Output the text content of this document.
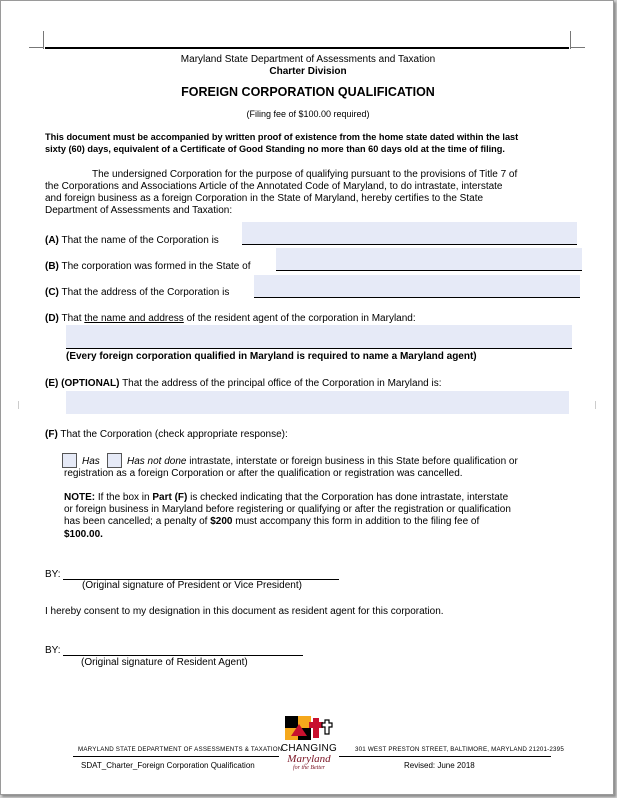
Maryland State Department of Assessments and Taxation
Charter Division
FOREIGN CORPORATION QUALIFICATION
(Filing fee of $100.00 required)
This document must be accompanied by written proof of existence from the home state dated within the last
sixty (60) days, equivalent of a Certificate of Good Standing no more than 60 days old at the time of filing.
The undersigned Corporation for the purpose of qualifying pursuant to the provisions of Title 7 of
the Corporations and Associations Article of the Annotated Code of Maryland, to do intrastate, interstate
and foreign business as a foreign Corporation in the State of Maryland, hereby certifies to the State
Department of Assessments and Taxation:
(A) That the name of the Corporation is
(B) The corporation was formed in the State of
(C) That the address of the Corporation is
(D) That the name and address of the resident agent of the corporation in Maryland:
(Every foreign corporation qualified in Maryland is required to name a Maryland agent)
(E) (OPTIONAL) That the address of the principal office of the Corporation in Maryland is:
(F) That the Corporation (check appropriate response):
Has	Has not done intrastate, interstate or foreign business in this State before qualification or
registration as a foreign Corporation or after the qualification or registration was cancelled.
NOTE: If the box in Part (F) is checked indicating that the Corporation has done intrastate, interstate
or foreign business in Maryland before registering or qualifying or after the registration or qualification
has been cancelled; a penalty of $200 must accompany this form in addition to the filing fee of
$100.00.
BY:
(Original signature of President or Vice President)
I hereby consent to my designation in this document as resident agent for this corporation.
BY:
(Original signature of Resident Agent)
MARYLAND STATE DEPARTMENT OF ASSESSMENTS & TAXATION	301 WEST PRESTON STREET, BALTIMORE, MARYLAND 21201-2395
SDAT_Charter_Foreign Corporation Qualification	Revised: June 2018
CHANGING
Maryland
for the Better
